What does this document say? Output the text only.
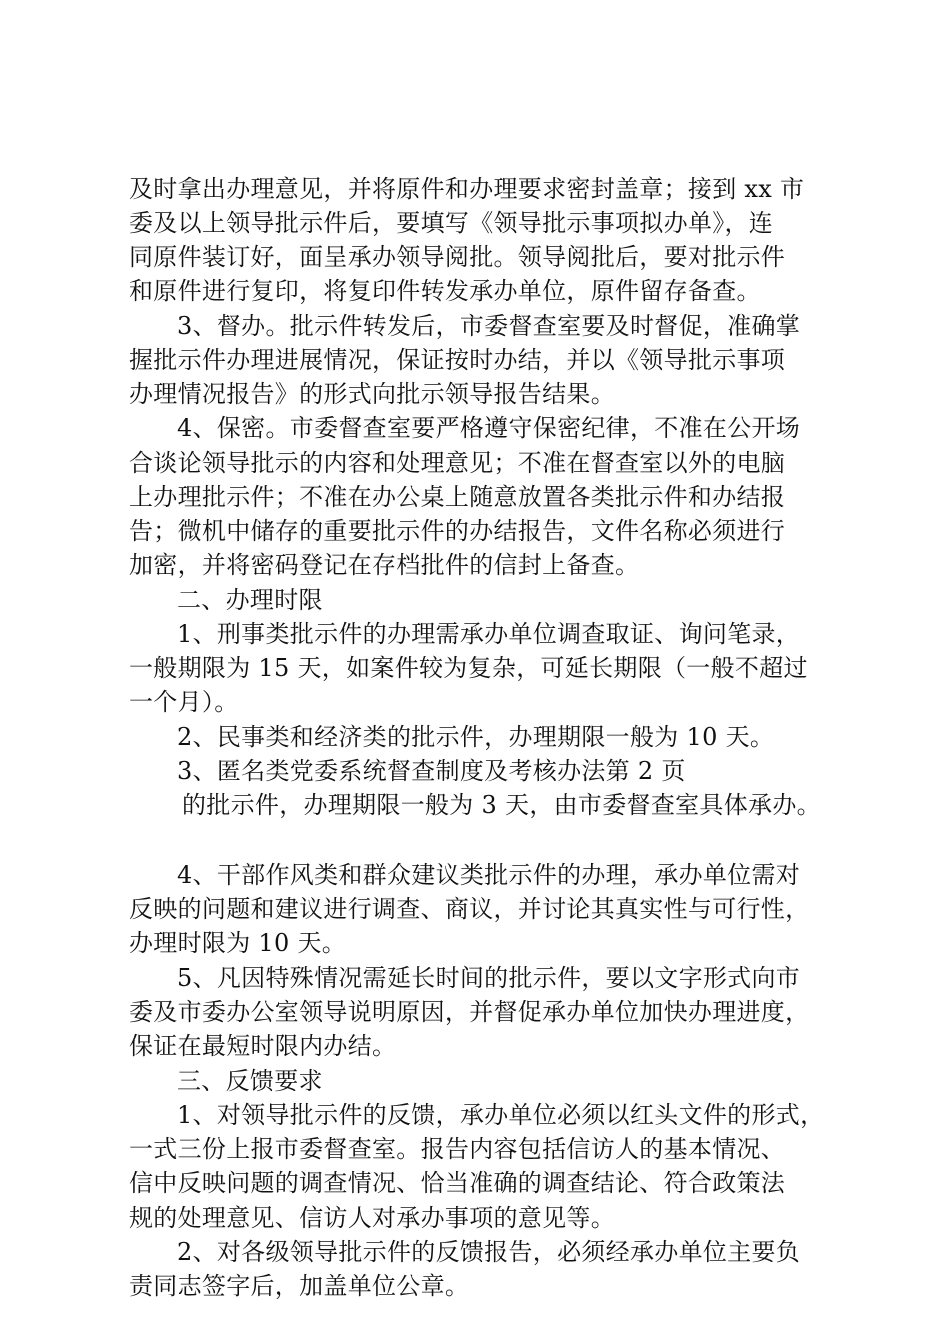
及时拿出办理意见，并将原件和办理要求密封盖章；接到 xx 市
委及以上领导批示件后，要填写《领导批示事项拟办单》，连
同原件装订好，面呈承办领导阅批。领导阅批后，要对批示件
和原件进行复印，将复印件转发承办单位，原件留存备查。
3、督办。批示件转发后，市委督查室要及时督促，准确掌
握批示件办理进展情况，保证按时办结，并以《领导批示事项
办理情况报告》的形式向批示领导报告结果。
4、保密。市委督查室要严格遵守保密纪律，不准在公开场
合谈论领导批示的内容和处理意见；不准在督查室以外的电脑
上办理批示件；不准在办公桌上随意放置各类批示件和办结报
告；微机中储存的重要批示件的办结报告，文件名称必须进行
加密，并将密码登记在存档批件的信封上备查。
二、办理时限
1、刑事类批示件的办理需承办单位调查取证、询问笔录，
一般期限为 15 天，如案件较为复杂，可延长期限（一般不超过
一个月）。
2、民事类和经济类的批示件，办理期限一般为 10 天。
3、匿名类党委系统督查制度及考核办法第 2 页
的批示件，办理期限一般为 3 天，由市委督查室具体承办。
4、干部作风类和群众建议类批示件的办理，承办单位需对
反映的问题和建议进行调查、商议，并讨论其真实性与可行性，
办理时限为 10 天。
5、凡因特殊情况需延长时间的批示件，要以文字形式向市
委及市委办公室领导说明原因，并督促承办单位加快办理进度，
保证在最短时限内办结。
三、反馈要求
1、对领导批示件的反馈，承办单位必须以红头文件的形式，
一式三份上报市委督查室。报告内容包括信访人的基本情况、
信中反映问题的调查情况、恰当准确的调查结论、符合政策法
规的处理意见、信访人对承办事项的意见等。
2、对各级领导批示件的反馈报告，必须经承办单位主要负
责同志签字后，加盖单位公章。
